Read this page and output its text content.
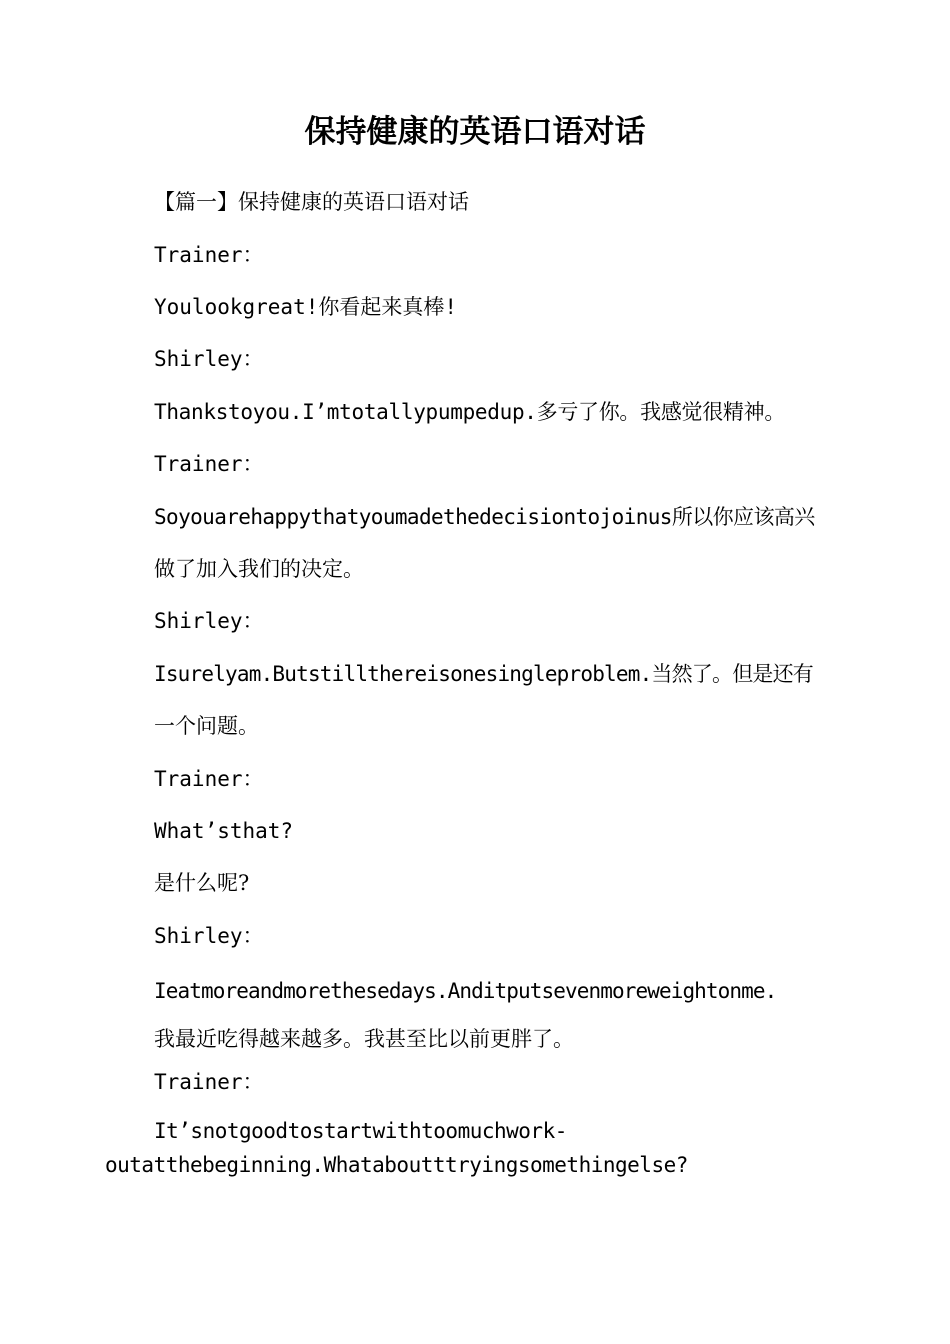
保持健康的英语口语对话
【篇一】保持健康的英语口语对话
Trainer：
Youlookgreat!你看起来真棒!
Shirley：
Thankstoyou.I’mtotallypumpedup.多亏了你。我感觉很精神。
Trainer：
Soyouarehappythatyoumadethedecisiontojoinus所以你应该高兴
做了加入我们的决定。
Shirley：
Isurelyam.Butstillthereisonesingleproblem.当然了。但是还有
一个问题。
Trainer：
What’sthat?
是什么呢?
Shirley：
Ieatmoreandmorethesedays.Anditputsevenmoreweightonme.
我最近吃得越来越多。我甚至比以前更胖了。
Trainer：
It’snotgoodtostartwithtoomuchwork-
outatthebeginning.Whataboutttryingsomethingelse?
